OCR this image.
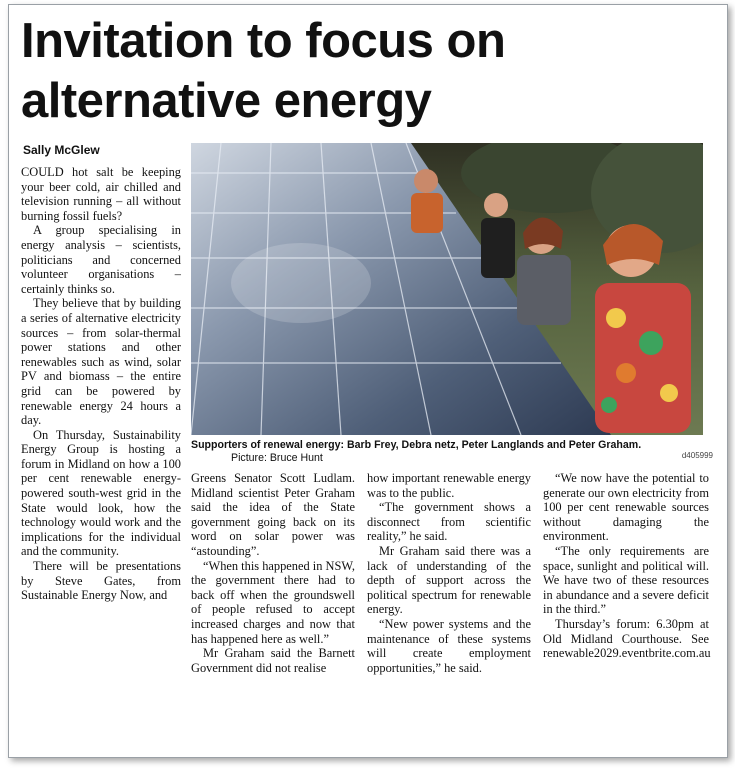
Invitation to focus on alternative energy
Sally McGlew

COULD hot salt be keeping your beer cold, air chilled and television running – all without burning fossil fuels?

A group specialising in energy analysis – scientists, politicians and concerned volunteer organisations – certainly thinks so.

They believe that by building a series of alternative electricity sources – from solar-thermal power stations and other renewables such as wind, solar PV and biomass – the entire grid can be powered by renewable energy 24 hours a day.

On Thursday, Sustainability Energy Group is hosting a forum in Midland on how a 100 per cent renewable energy-powered south-west grid in the State would look, how the technology would work and the implications for the individual and the community.

There will be presentations by Steve Gates, from Sustainable Energy Now, and

Supporters of renewal energy: Barb Frey, Debra netz, Peter Langlands and Peter Graham. Picture: Bruce Hunt	d405999

Greens Senator Scott Ludlam. Midland scientist Peter Graham said the idea of the State government going back on its word on solar power was “astounding”.

“When this happened in NSW, the government there had to back off when the groundswell of people refused to accept increased charges and now that has happened here as well.”

Mr Graham said the Barnett Government did not realise

how important renewable energy was to the public.

“The government shows a disconnect from scientific reality,” he said.

Mr Graham said there was a lack of understanding of the depth of support across the political spectrum for renewable energy.

“New power systems and the maintenance of these systems will create employment opportunities,” he said.

“We now have the potential to generate our own electricity from 100 per cent renewable sources without damaging the environment.

“The only requirements are space, sunlight and political will. We have two of these resources in abundance and a severe deficit in the third.”

Thursday’s forum: 6.30pm at Old Midland Courthouse. See renewable2029.eventbrite.com.au
